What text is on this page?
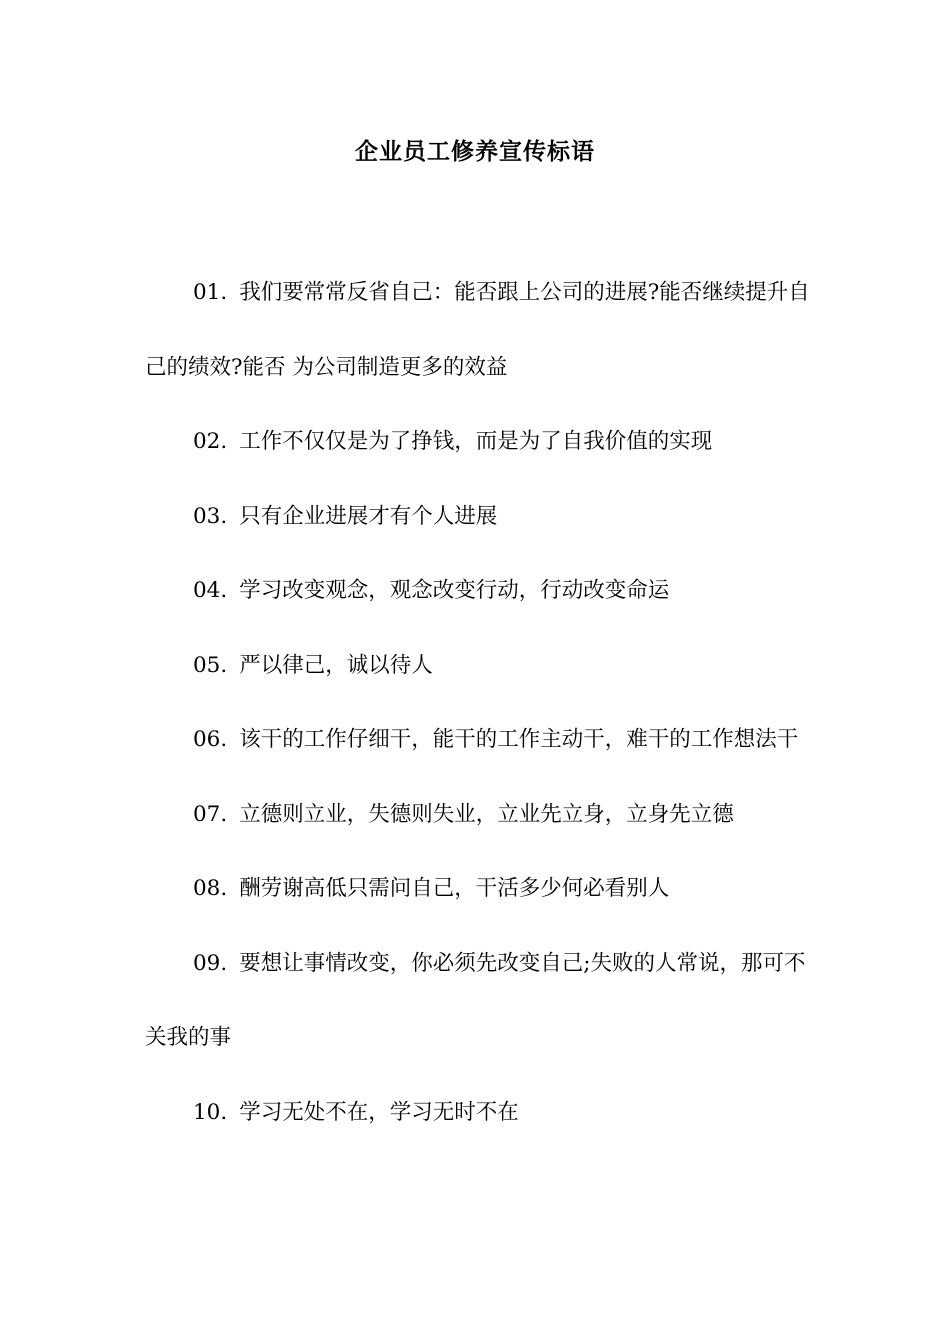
企业员工修养宣传标语

01. 我们要常常反省自己：能否跟上公司的进展?能否继续提升自己的绩效?能否 为公司制造更多的效益

02. 工作不仅仅是为了挣钱，而是为了自我价值的实现

03. 只有企业进展才有个人进展

04. 学习改变观念，观念改变行动，行动改变命运

05. 严以律己，诚以待人

06. 该干的工作仔细干，能干的工作主动干，难干的工作想法干

07. 立德则立业，失德则失业，立业先立身，立身先立德

08. 酬劳谢高低只需问自己，干活多少何必看别人

09. 要想让事情改变，你必须先改变自己;失败的人常说，那可不关我的事

10. 学习无处不在，学习无时不在
